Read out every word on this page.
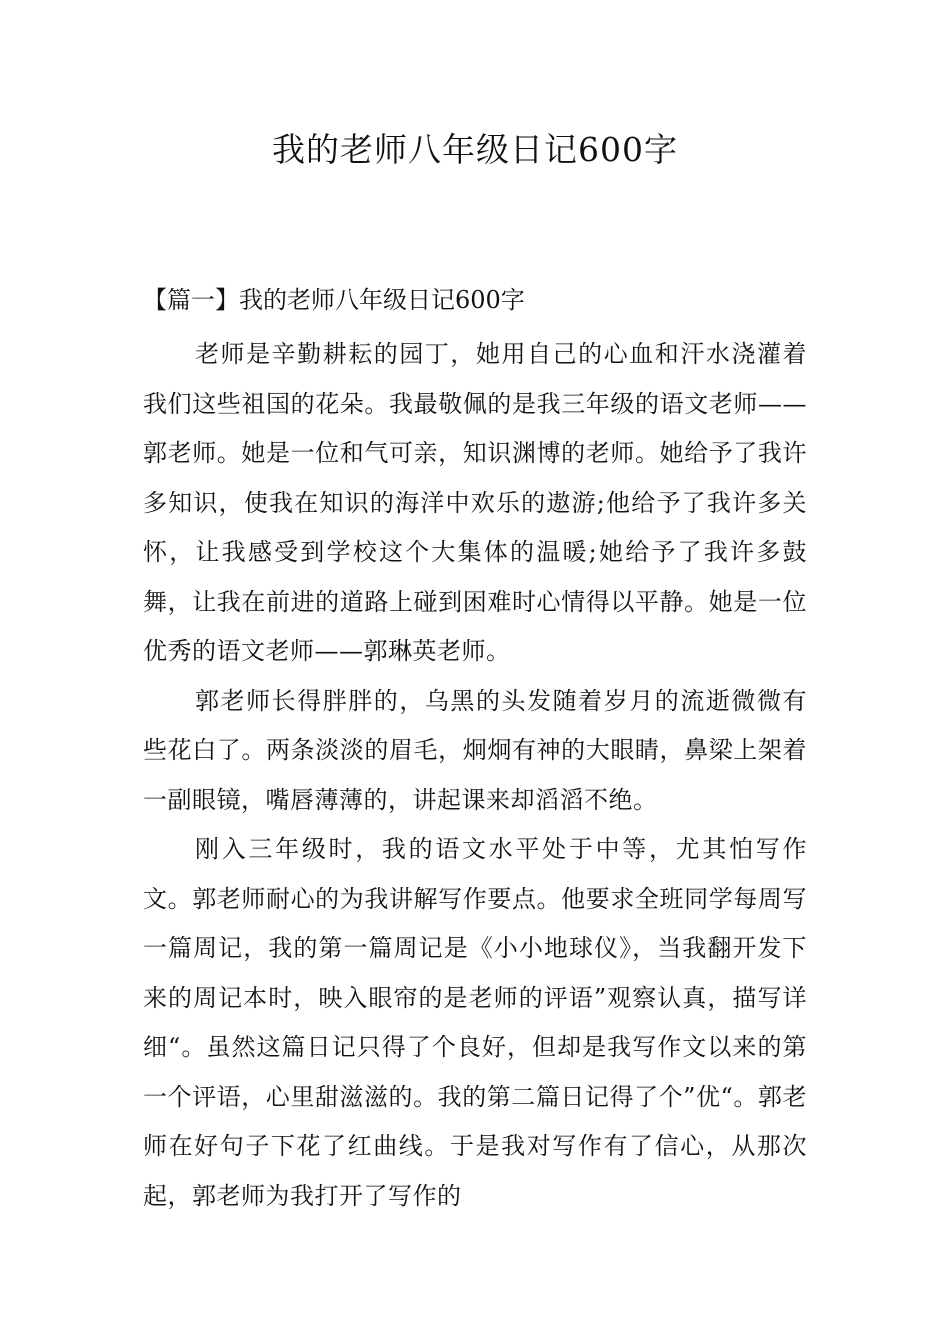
我的老师八年级日记600字

【篇一】我的老师八年级日记600字

老师是辛勤耕耘的园丁，她用自己的心血和汗水浇灌着我们这些祖国的花朵。我最敬佩的是我三年级的语文老师——郭老师。她是一位和气可亲，知识渊博的老师。她给予了我许多知识，使我在知识的海洋中欢乐的遨游;他给予了我许多关怀，让我感受到学校这个大集体的温暖;她给予了我许多鼓舞，让我在前进的道路上碰到困难时心情得以平静。她是一位优秀的语文老师——郭琳英老师。

郭老师长得胖胖的，乌黑的头发随着岁月的流逝微微有些花白了。两条淡淡的眉毛，炯炯有神的大眼睛，鼻梁上架着一副眼镜，嘴唇薄薄的，讲起课来却滔滔不绝。

刚入三年级时，我的语文水平处于中等，尤其怕写作文。郭老师耐心的为我讲解写作要点。他要求全班同学每周写一篇周记，我的第一篇周记是《小小地球仪》，当我翻开发下来的周记本时，映入眼帘的是老师的评语”观察认真，描写详细“。虽然这篇日记只得了个良好，但却是我写作文以来的第一个评语，心里甜滋滋的。我的第二篇日记得了个”优“。郭老师在好句子下花了红曲线。于是我对写作有了信心，从那次起，郭老师为我打开了写作的
